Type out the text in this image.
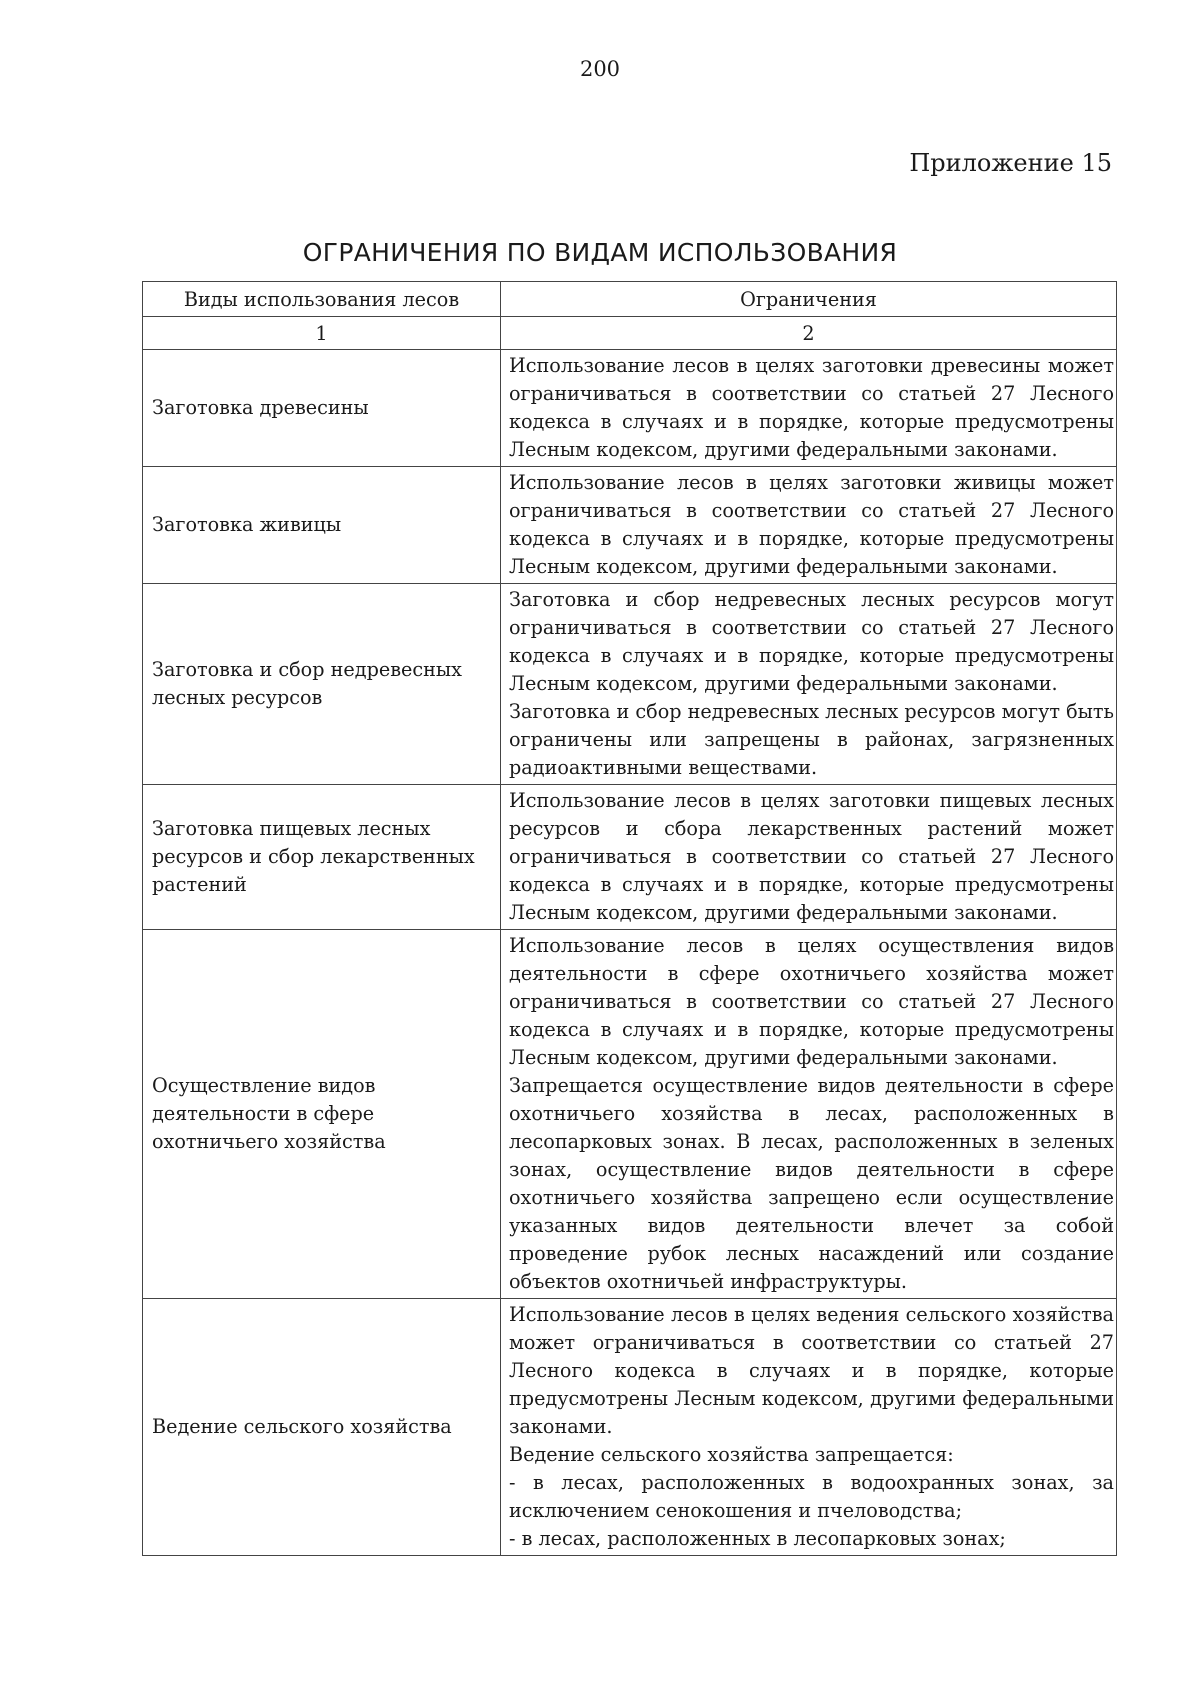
200
Приложение 15
ОГРАНИЧЕНИЯ ПО ВИДАМ ИСПОЛЬЗОВАНИЯ
Виды использования лесов	Ограничения
1	2
Заготовка древесины	Использование лесов в целях заготовки древесины может ограничиваться в соответствии со статьей 27 Лесного кодекса в случаях и в порядке, которые предусмотрены Лесным кодексом, другими федеральными законами.

Заготовка живицы	Использование лесов в целях заготовки живицы может ограничиваться в соответствии со статьей 27 Лесного кодекса в случаях и в порядке, которые предусмотрены Лесным кодексом, другими федеральными законами.

Заготовка и сбор недревесных лесных ресурсов	Заготовка и сбор недревесных лесных ресурсов могут ограничиваться в соответствии со статьей 27 Лесного кодекса в случаях и в порядке, которые предусмотрены Лесным кодексом, другими федеральными законами.
Заготовка и сбор недревесных лесных ресурсов могут быть ограничены или запрещены в районах, загрязненных радиоактивными веществами.

Заготовка пищевых лесных ресурсов и сбор лекарственных растений	Использование лесов в целях заготовки пищевых лесных ресурсов и сбора лекарственных растений может ограничиваться в соответствии со статьей 27 Лесного кодекса в случаях и в порядке, которые предусмотрены Лесным кодексом, другими федеральными законами.

Осуществление видов деятельности в сфере охотничьего хозяйства	Использование лесов в целях осуществления видов деятельности в сфере охотничьего хозяйства может ограничиваться в соответствии со статьей 27 Лесного кодекса в случаях и в порядке, которые предусмотрены Лесным кодексом, другими федеральными законами.
Запрещается осуществление видов деятельности в сфере охотничьего хозяйства в лесах, расположенных в лесопарковых зонах. В лесах, расположенных в зеленых зонах, осуществление видов деятельности в сфере охотничьего хозяйства запрещено если осуществление указанных видов деятельности влечет за собой проведение рубок лесных насаждений или создание объектов охотничьей инфраструктуры.

Ведение сельского хозяйства	Использование лесов в целях ведения сельского хозяйства может ограничиваться в соответствии со статьей 27 Лесного кодекса в случаях и в порядке, которые предусмотрены Лесным кодексом, другими федеральными законами.
Ведение сельского хозяйства запрещается:
- в лесах, расположенных в водоохранных зонах, за исключением сенокошения и пчеловодства;
- в лесах, расположенных в лесопарковых зонах;
